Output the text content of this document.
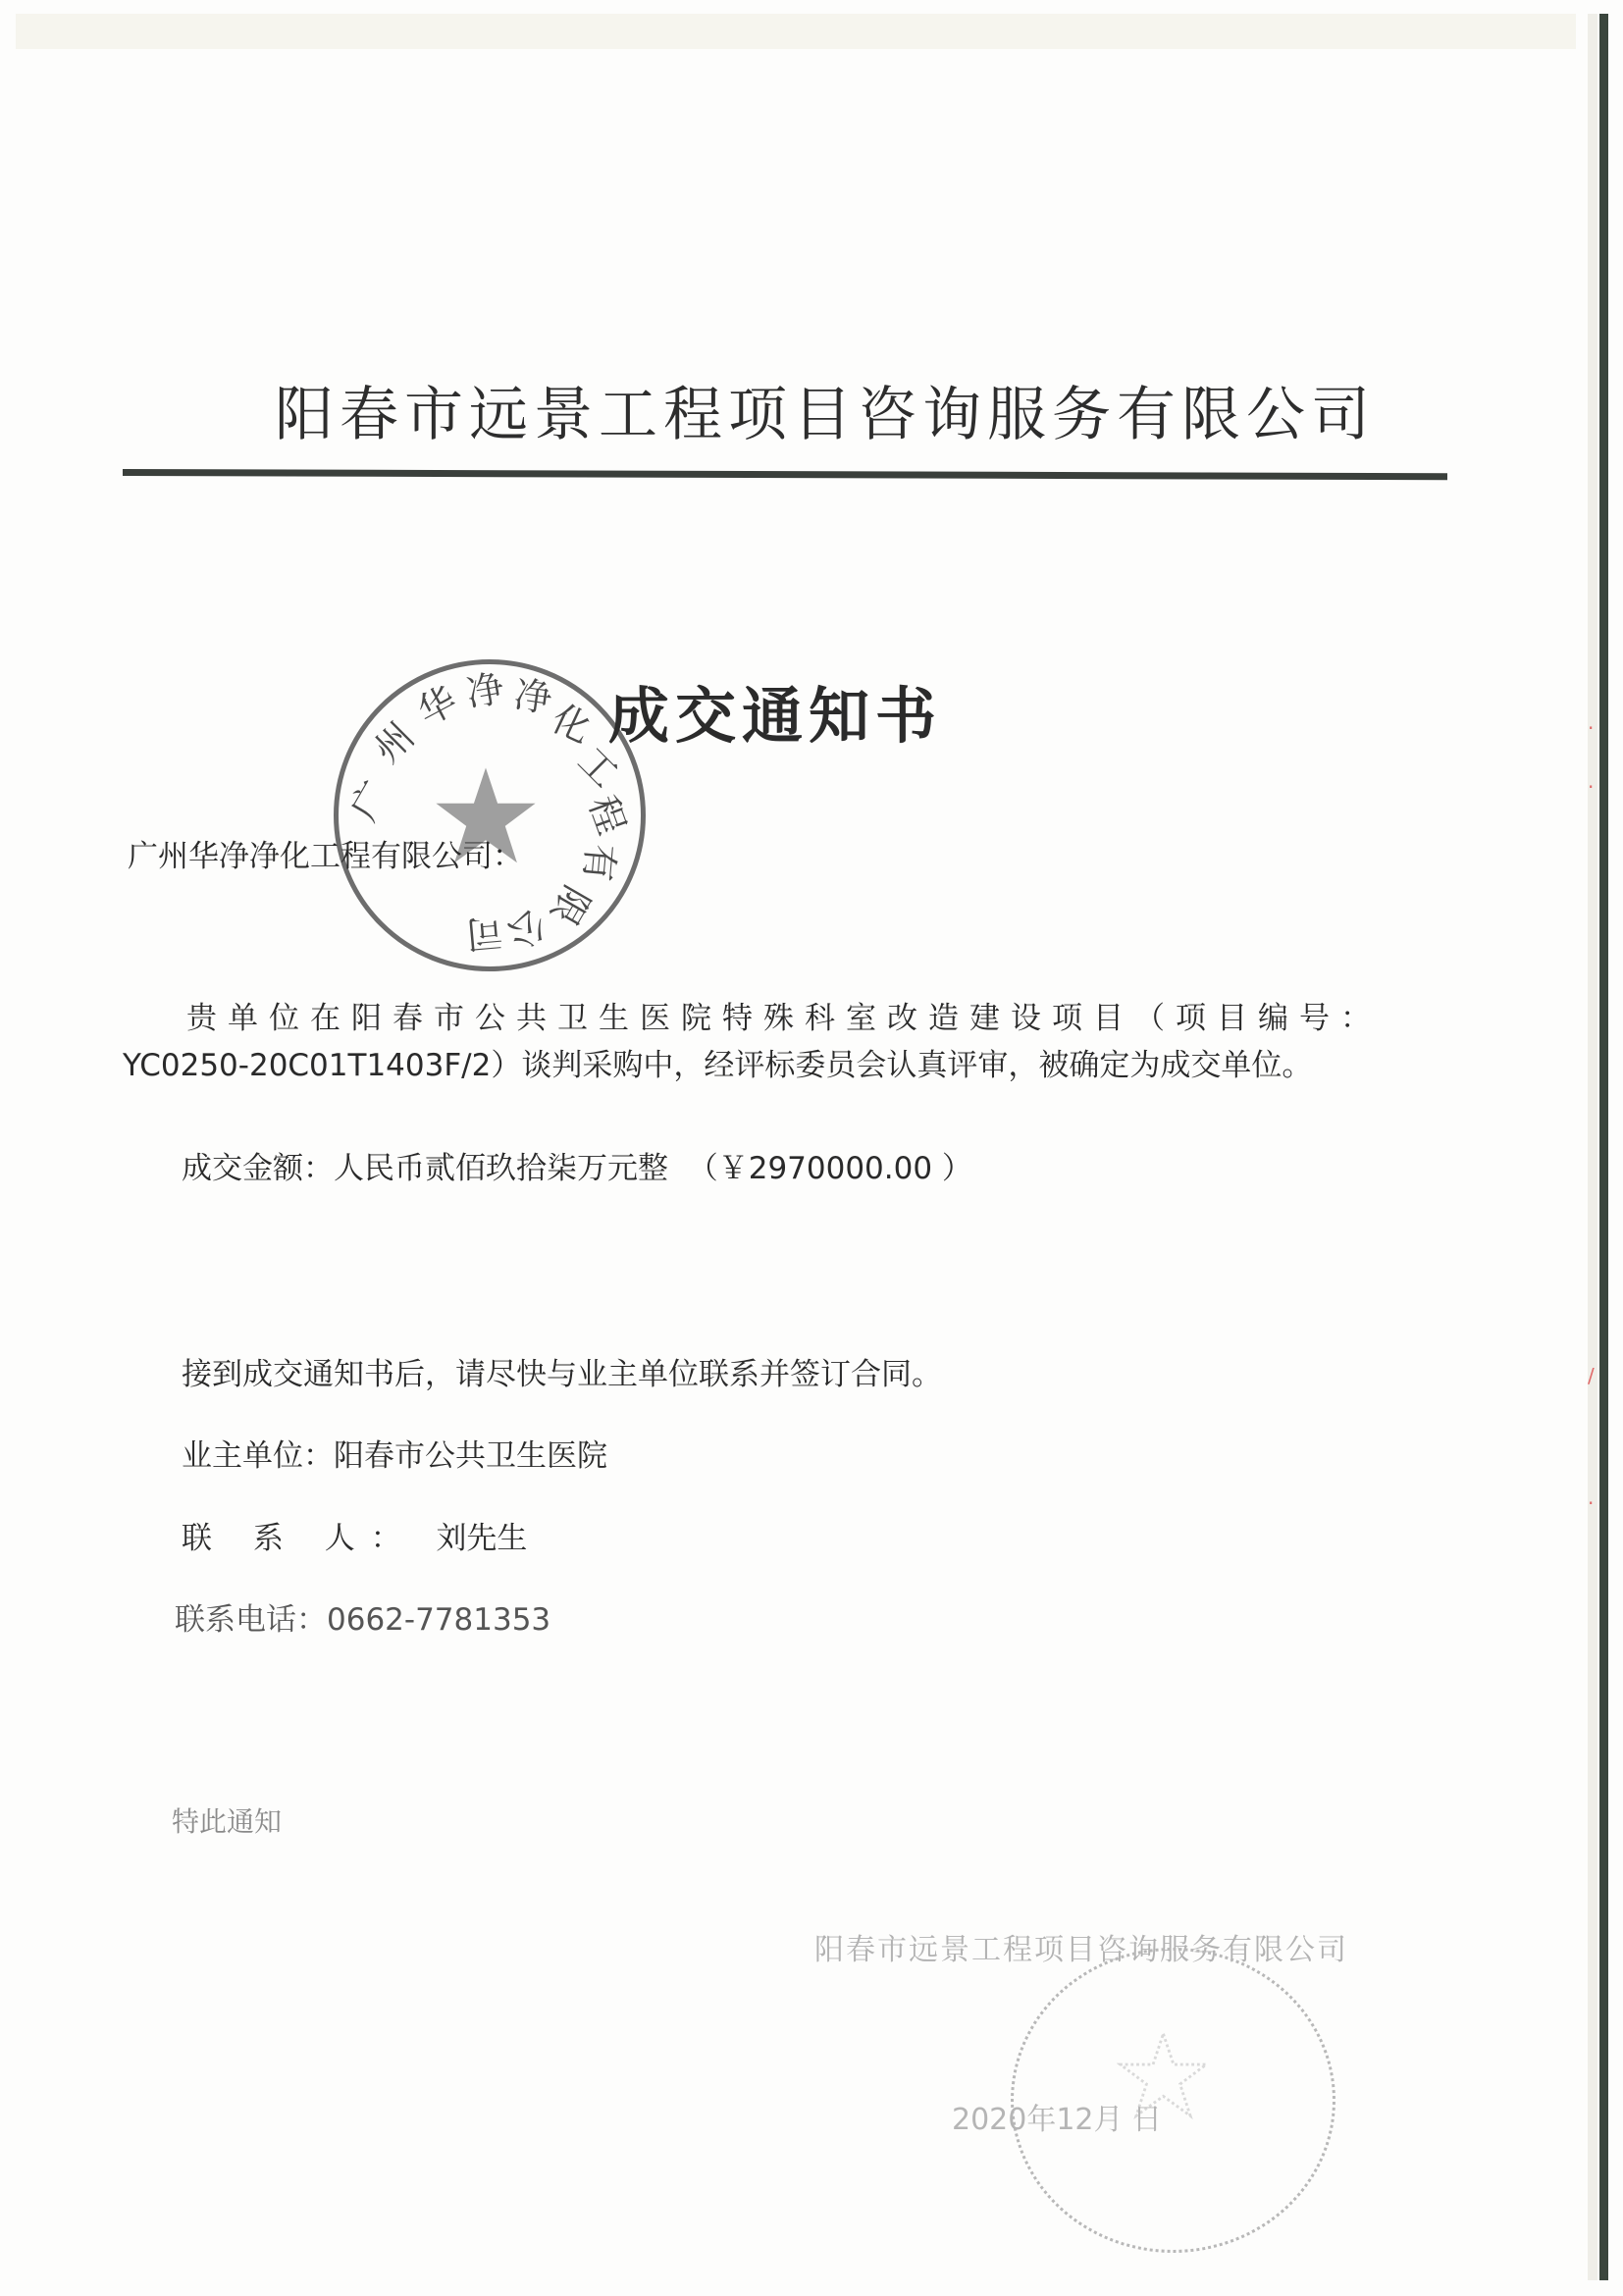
·
·
/
·
阳春市远景工程项目咨询服务有限公司
广
州
华 净 净
化
工
程
有
限
公
司
成交通知书
广州华净净化工程有限公司：
贵单位在阳春市公共卫生医院特殊科室改造建设项目（项目编号：
YC0250-20C01T1403F/2）谈判采购中，经评标委员会认真评审，被确定为成交单位。
成交金额：人民币贰佰玖拾柒万元整 （￥2970000.00 ）
接到成交通知书后，请尽快与业主单位联系并签订合同。
业主单位：阳春市公共卫生医院
联 系 人： 刘先生
联系电话：0662-7781353
特此通知
阳春市远景工程项目咨询服务有限公司
2020年12月 日
